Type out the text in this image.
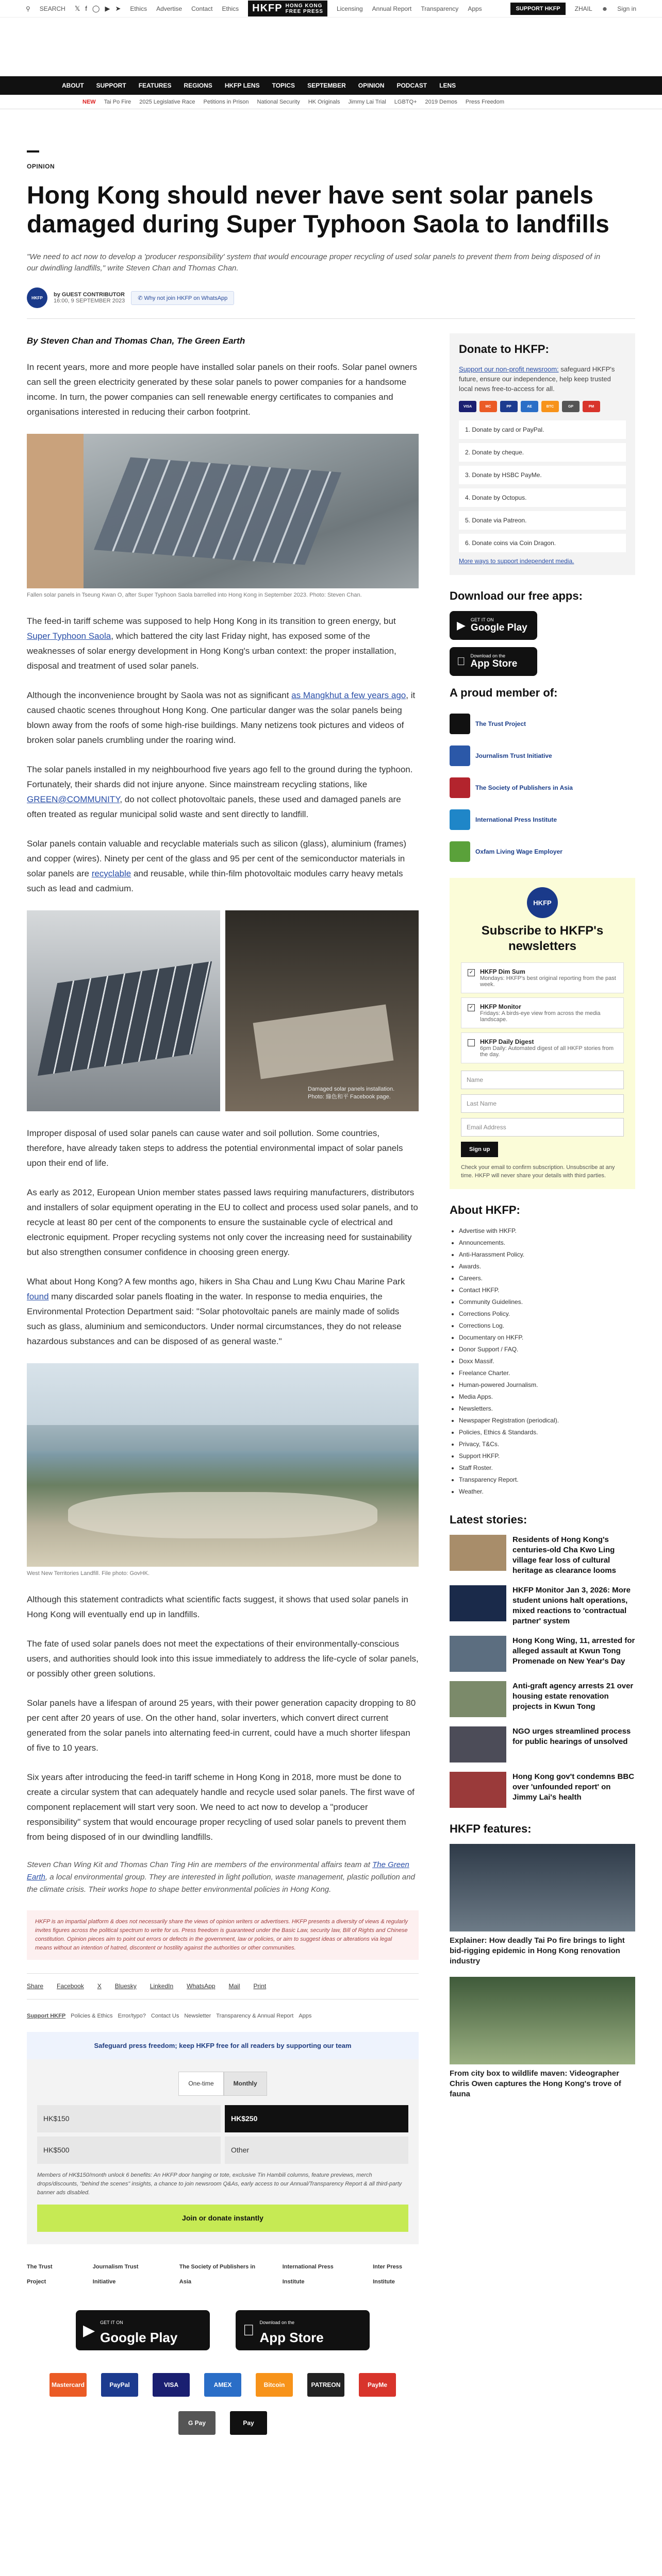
⚲ SEARCH 𝕏 f ◯ ▶ ➤ Ethics Advertise Contact Ethics HKFP HONG KONG
FREE PRESS Licensing Annual Report Transparency Apps	SUPPORT HKFP	ZHAIL ☻ Sign in
ABOUT SUPPORT FEATURES REGIONS HKFP LENS TOPICS SEPTEMBER OPINION PODCAST LENS
NEW Tai Po Fire 2025 Legislative Race Petitions in Prison National Security HK Originals Jimmy Lai Trial LGBTQ+ 2019 Demos Press Freedom
OPINION
Hong Kong should never have sent solar panels damaged during Super Typhoon Saola to landfills

"We need to act now to develop a 'producer responsibility' system that would encourage proper recycling of used solar panels to prevent them from being disposed of in our dwindling landfills," write Steven Chan and Thomas Chan.

HKFP	by GUEST CONTRIBUTOR
16:00, 9 SEPTEMBER 2023	✆ Why not join HKFP on WhatsApp
By Steven Chan and Thomas Chan, The Green Earth

In recent years, more and more people have installed solar panels on their roofs. Solar panel owners can sell the green electricity generated by these solar panels to power companies for a handsome income. In turn, the power companies can sell renewable energy certificates to companies and organisations interested in reducing their carbon footprint.

Fallen solar panels in Tseung Kwan O, after Super Typhoon Saola barrelled into Hong Kong in September 2023. Photo: Steven Chan.

The feed-in tariff scheme was supposed to help Hong Kong in its transition to green energy, but Super Typhoon Saola, which battered the city last Friday night, has exposed some of the weaknesses of solar energy development in Hong Kong's urban context: the proper installation, disposal and treatment of used solar panels.

Although the inconvenience brought by Saola was not as significant as Mangkhut a few years ago, it caused chaotic scenes throughout Hong Kong. One particular danger was the solar panels being blown away from the roofs of some high-rise buildings. Many netizens took pictures and videos of broken solar panels crumbling under the roaring wind.

The solar panels installed in my neighbourhood five years ago fell to the ground during the typhoon. Fortunately, their shards did not injure anyone. Since mainstream recycling stations, like GREEN@COMMUNITY, do not collect photovoltaic panels, these used and damaged panels are often treated as regular municipal solid waste and sent directly to landfill.

Solar panels contain valuable and recyclable materials such as silicon (glass), aluminium (frames) and copper (wires). Ninety per cent of the glass and 95 per cent of the semiconductor materials in solar panels are recyclable and reusable, while thin-film photovoltaic modules carry heavy metals such as lead and cadmium.

Damaged solar panels installation. Photo: 綠色和平 Facebook page.

Improper disposal of used solar panels can cause water and soil pollution. Some countries, therefore, have already taken steps to address the potential environmental impact of solar panels upon their end of life.

As early as 2012, European Union member states passed laws requiring manufacturers, distributors and installers of solar equipment operating in the EU to collect and process used solar panels, and to recycle at least 80 per cent of the components to ensure the sustainable cycle of electrical and electronic equipment. Proper recycling systems not only cover the increasing need for sustainability but also strengthen consumer confidence in choosing green energy.

What about Hong Kong? A few months ago, hikers in Sha Chau and Lung Kwu Chau Marine Park found many discarded solar panels floating in the water. In response to media enquiries, the Environmental Protection Department said: "Solar photovoltaic panels are mainly made of solids such as glass, aluminium and semiconductors. Under normal circumstances, they do not release hazardous substances and can be disposed of as general waste."

West New Territories Landfill. File photo: GovHK.

Although this statement contradicts what scientific facts suggest, it shows that used solar panels in Hong Kong will eventually end up in landfills.

The fate of used solar panels does not meet the expectations of their environmentally-conscious users, and authorities should look into this issue immediately to address the life-cycle of solar panels, or possibly other green solutions.

Solar panels have a lifespan of around 25 years, with their power generation capacity dropping to 80 per cent after 20 years of use. On the other hand, solar inverters, which convert direct current generated from the solar panels into alternating feed-in current, could have a much shorter lifespan of five to 10 years.

Six years after introducing the feed-in tariff scheme in Hong Kong in 2018, more must be done to create a circular system that can adequately handle and recycle used solar panels. The first wave of component replacement will start very soon. We need to act now to develop a "producer responsibility" system that would encourage proper recycling of used solar panels to prevent them from being disposed of in our dwindling landfills.

Steven Chan Wing Kit and Thomas Chan Ting Hin are members of the environmental affairs team at The Green Earth, a local environmental group. They are interested in light pollution, waste management, plastic pollution and the climate crisis. Their works hope to shape better environmental policies in Hong Kong.

HKFP is an impartial platform & does not necessarily share the views of opinion writers or advertisers. HKFP presents a diversity of views & regularly invites figures across the political spectrum to write for us. Press freedom is guaranteed under the Basic Law, security law, Bill of Rights and Chinese constitution. Opinion pieces aim to point out errors or defects in the government, law or policies, or aim to suggest ideas or alterations via legal means without an intention of hatred, discontent or hostility against the authorities or other communities.
Share Facebook X Bluesky LinkedIn WhatsApp Mail Print
Support HKFP Policies & Ethics Error/typo? Contact Us Newsletter Transparency & Annual Report Apps
Safeguard press freedom; keep HKFP free for all readers by supporting our team
One-time	Monthly
HK$150	HK$250
HK$500	Other
Members of HK$150/month unlock 6 benefits: An HKFP door hanging or tote, exclusive Tin Hambili columns, feature previews, merch drops/discounts, "behind the scenes" insights, a chance to join newsroom Q&As, early access to our Annual/Transparency Report & all third-party banner ads disabled.
Join or donate instantly
The Trust Project
Journalism Trust Initiative
The Society of Publishers in Asia
International Press Institute
Inter Press Institute
▶ GET IT ON
Google Play
Download on the
App Store
Mastercard	PayPal	VISA	AMEX	Bitcoin	PATREON	PayMe
G Pay	Pay
Donate to HKFP:

Support our non-profit newsroom: safeguard HKFP's future, ensure our independence, help keep trusted local news free-to-access for all.

VISA	MC	PP	AE	BTC	GP	PM
1. Donate by card or PayPal.
2. Donate by cheque.
3. Donate by HSBC PayMe.
4. Donate by Octopus.
5. Donate via Patreon.
6. Donate coins via Coin Dragon.
More ways to support independent media.
Download our free apps:
▶ GET IT ON
Google Play
Download on the
App Store
A proud member of:
The Trust Project
Journalism Trust Initiative
The Society of Publishers in Asia
International Press Institute
Oxfam Living Wage Employer
HKFP
Subscribe to HKFP's newsletters
✓ HKFP Dim Sum
Mondays: HKFP's best original reporting from the past week.
✓ HKFP Monitor
Fridays: A birds-eye view from across the media landscape.
HKFP Daily Digest
6pm Daily: Automated digest of all HKFP stories from the day.
Name
Last Name
Email Address
Sign up

Check your email to confirm subscription. Unsubscribe at any time. HKFP will never share your details with third parties.

About HKFP:
• Advertise with HKFP.
• Announcements.
• Anti-Harassment Policy.
• Awards.
• Careers.
• Contact HKFP.
• Community Guidelines.
• Corrections Policy.
• Corrections Log.
• Documentary on HKFP.
• Donor Support / FAQ.
• Doxx Massif.
• Freelance Charter.
• Human-powered Journalism.
• Media Apps.
• Newsletters.
• Newspaper Registration (periodical).
• Policies, Ethics & Standards.
• Privacy, T&Cs.
• Support HKFP.
• Staff Roster.
• Transparency Report.
• Weather.
Latest stories:
Residents of Hong Kong's centuries-old Cha Kwo Ling village fear loss of cultural heritage as clearance looms
HKFP Monitor Jan 3, 2026: More student unions halt operations, mixed reactions to 'contractual partner' system
Hong Kong Wing, 11, arrested for alleged assault at Kwun Tong Promenade on New Year's Day
Anti-graft agency arrests 21 over housing estate renovation projects in Kwun Tong
NGO urges streamlined process for public hearings of unsolved
Hong Kong gov't condemns BBC over 'unfounded report' on Jimmy Lai's health
HKFP features:
Explainer: How deadly Tai Po fire brings to light bid-rigging epidemic in Hong Kong renovation industry
From city box to wildlife maven: Videographer Chris Owen captures the Hong Kong's trove of fauna
